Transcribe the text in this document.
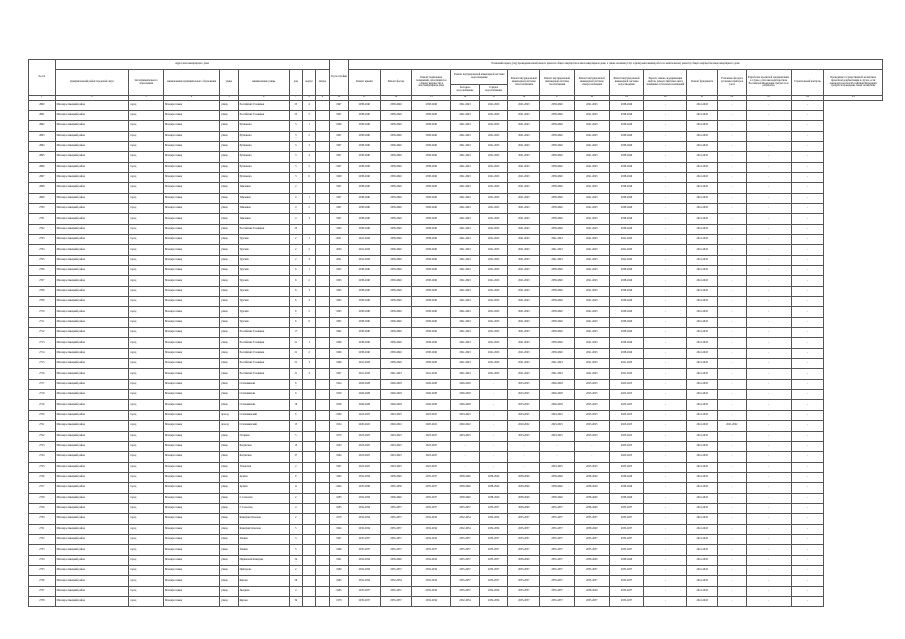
№ п/п	Адрес многоквартирного дома								Год постройки	Плановый период (год) проведения капитального ремонта общего имущества в многоквартирном доме, а также оказания услуг и (или) выполнения работ по капитальному ремонту общего имущества многоквартирного дома														
	муниципальный район/городской округ	тип муниципального образования	наименование муниципального образования	улица	наименование улицы	дом	корпус	литера		Ремонт крыши	Ремонт фасада	Ремонт подвальных помещений, относящихся к общему имуществу в многоквартирном доме	Ремонт внутридомовой инженерной системы водоотведения		Ремонт внутридомовой инженерной системы теплоснабжения	Ремонт внутридомовой инженерной системы газоснабжения	Ремонт внутридомовой инженерной системы электроснабжения	Ремонт внутридомовой инженерной системы водоотведения	Ремонт, замена, модернизация лифтов, ремонт лифтовых шахт, машинных и блочных помещений	Ремонт фундамента	Утепление фасада и установка приборов учета	Разработка проектной документации, в случае, если законодательством Российской Федерации требуется ее разработка	Строительный контроль	Проведение государственной экспертизы проектной документации в случае, если законодательством Российской Федерации требуется проведение такой экспертизы
													Холодное водоснабжение	Горячее водоснабжение										
1	2	3	4	5	6	7	8	9	10	11	12	13	14	15	16	17	18	19	20	21	22	23	24	25
2690	Малоярославецкий район	город	Малоярославец	улица	Российских Газовиков	25	4		1997	2038-2040	2038-2040	2038-2040	2041-2043	2041-2043	2041-2043	2038-2040	2041-2043	2038-2040	-	2041-2043	-	-	-	
2691	Малоярославецкий район	город	Малоярославец	улица	Российских Газовиков	25	5		1997	2038-2040	2038-2040	2038-2040	2041-2043	2041-2043	2041-2043	2038-2040	2041-2043	2038-2040	-	2041-2043	-	-	-	
2692	Малоярославецкий район	город	Малоярославец	улица	Рухманова	3	1		1996	2038-2040	2038-2040	2038-2040	2041-2043	2041-2043	2041-2043	2038-2040	2041-2043	2038-2040	-	2041-2043	-	-	-	
2693	Малоярославецкий район	город	Малоярославец	улица	Рухманова	3	2		1997	2038-2040	2038-2040	2038-2040	2041-2043	2041-2043	2041-2043	2038-2040	2041-2043	2038-2040	-	2041-2043	-	-	-	
2694	Малоярославецкий район	город	Малоярославец	улица	Рухманова	3	3		1997	2038-2040	2038-2040	2038-2040	2041-2043	2041-2043	2041-2043	2038-2040	2041-2043	2038-2040	-	2041-2043	-	-	-	
2695	Малоярославецкий район	город	Малоярославец	улица	Рухманова	3	4		1997	2038-2040	2038-2040	2038-2040	2041-2043	2041-2043	2041-2043	2038-2040	2041-2043	2038-2040	-	2041-2043	-	-	-	
2696	Малоярославецкий район	город	Малоярославец	улица	Рухманова	3	5		1997	2038-2040	2038-2040	2038-2040	2041-2043	2041-2043	2041-2043	2038-2040	2041-2043	2038-2040	-	2041-2043	-	-	-	
2697	Малоярославецкий район	город	Малоярославец	улица	Рухманова	3	6		1998	2038-2040	2038-2040	2038-2040	2041-2043	2041-2043	2041-2043	2038-2040	2041-2043	2038-2040	-	2041-2043	-	-	-	
2698	Малоярославецкий район	город	Малоярославец	улица	Тимонина	2			1997	2038-2040	2038-2040	2038-2040	2041-2043	2041-2043	2041-2043	2038-2040	2041-2043	2038-2040	-	2041-2043	-	-	-	
2699	Малоярославецкий район	город	Малоярославец	улица	Тимонина	4	1		1997	2038-2040	2038-2040	2038-2040	2041-2043	2041-2043	2041-2043	2038-2040	2041-2043	2038-2040	-	2041-2043	-	-	-	
2700	Малоярославецкий район	город	Малоярославец	улица	Тимонина	4	2		1997	2038-2040	2038-2040	2038-2040	2041-2043	2041-2043	2041-2043	2038-2040	2041-2043	2038-2040	-	2041-2043	-	-	-	
2701	Малоярославецкий район	город	Малоярославец	улица	Тимонина	4	3		1997	2038-2040	2038-2040	2038-2040	2041-2043	2041-2043	2041-2043	2038-2040	2041-2043	2038-2040	-	2041-2043	-	-	-	
2702	Малоярославецкий район	город	Малоярославец	улица	Российских Газовиков	23			1994	2038-2040	2038-2040	2038-2040	2041-2043	2041-2043	2041-2043	2038-2040	2041-2043	2038-2040	-	2041-2043	-	-	-	
2703	Малоярославецкий район	город	Малоярославец	улица	Турских	2	1		2001	2041-2043	2038-2040	2038-2040	2041-2043	2041-2043	2041-2043	2041-2043	2041-2043	2041-2043	-	2041-2043	-	-	-	
2704	Малоярославецкий район	город	Малоярославец	улица	Турских	2	2		2000	2041-2043	2038-2040	2038-2040	2041-2043	2041-2043	2041-2043	2041-2043	2041-2043	2041-2043	-	2041-2043	-	-	-	
2705	Малоярославецкий район	город	Малоярославец	улица	Турских	2	3		2001	2041-2043	2038-2040	2038-2040	2041-2043	2041-2043	2041-2043	2041-2043	2041-2043	2041-2043	-	2041-2043	-	-	-	
2706	Малоярославецкий район	город	Малоярославец	улица	Турских	6	1		1995	2038-2040	2038-2040	2038-2040	2041-2043	2041-2043	2041-2043	2038-2040	2041-2043	2038-2040	-	2041-2043	-	-	-	
2707	Малоярославецкий район	город	Малоярославец	улица	Турских	6	2		1995	2038-2040	2038-2040	2038-2040	2041-2043	2041-2043	2041-2043	2038-2040	2041-2043	2038-2040	-	2041-2043	-	-	-	
2708	Малоярославецкий район	город	Малоярославец	улица	Турских	6	3		1995	2038-2040	2038-2040	2038-2040	2041-2043	2041-2043	2041-2043	2038-2040	2041-2043	2038-2040	-	2041-2043	-	-	-	
2709	Малоярославецкий район	город	Малоярославец	улица	Турских	6	4		1995	2038-2040	2038-2040	2038-2040	2041-2043	2041-2043	2041-2043	2038-2040	2041-2043	2038-2040	-	2041-2043	-	-	-	
2710	Малоярославецкий район	город	Малоярославец	улица	Турских	6	5		1995	2038-2040	2038-2040	2038-2040	2041-2043	2041-2043	2041-2043	2038-2040	2041-2043	2038-2040	-	2041-2043	-	-	-	
2711	Малоярославецкий район	город	Малоярославец	улица	Турских	6	6		1995	2038-2040	2038-2040	2038-2040	2041-2043	2041-2043	2041-2043	2038-2040	2041-2043	2038-2040	-	2041-2043	-	-	-	
2712	Малоярославецкий район	город	Малоярославец	улица	Российских Газовиков	17			1992	2038-2040	2038-2040	2038-2040	2041-2043	2041-2043	2041-2043	2038-2040	2041-2043	2038-2040	-	2041-2043	-	-	-	
2713	Малоярославецкий район	город	Малоярославец	улица	Российских Газовиков	21	1		1996	2038-2040	2038-2040	2038-2040	2041-2043	2041-2043	2041-2043	2038-2040	2041-2043	2038-2040	-	2041-2043	-	-	-	
2714	Малоярославецкий район	город	Малоярославец	улица	Российских Газовиков	21	2		1996	2038-2040	2038-2040	2038-2040	2041-2043	2041-2043	2041-2043	2038-2040	2041-2043	2038-2040	-	2041-2043	-	-	-	
2715	Малоярославецкий район	город	Малоярославец	улица	Российских Газовиков	21	3		1996	2041-2043	2038-2040	2038-2040	2041-2043	2041-2043	2041-2043	2041-2043	2041-2043	2041-2043	-	2041-2043	-	-	-	
2716	Малоярославецкий район	город	Малоярославец	улица	Российских Газовиков	21	4		1997	2041-2043	2041-2043	2041-2043	2041-2043	2041-2043	2041-2043	2041-2043	2041-2043	2041-2043	-	2041-2043	-	-	-	
2717	Малоярославецкий район	город	Малоярославец	улица	Стопаниянова	6			1924	2026-2028	2026-2028	2026-2028	2026-2028	-	2023-2025	2026-2028	2023-2025	2023-2025	-	2041-2043	-	-	-	
2718	Малоярославецкий район	город	Малоярославец	улица	Стопаниянова	9			1959	2026-2028	2026-2028	2026-2028	2026-2028	-	2023-2025	2026-2028	2023-2025	2023-2025	-	2041-2043	-	-	-	
2719	Малоярославецкий район	город	Малоярославец	улица	Стопаниянова	19			1956	2026-2028	2026-2028	2026-2028	2026-2028	-	2023-2025	2026-2028	2023-2025	2023-2025	-	2041-2043	-	-	-	
2720	Малоярославецкий район	город	Малоярославец	проезд	Стопаниянский	6			1960	2023-2025	2023-2025	2023-2025	2023-2025	-	2023-2025	2023-2025	2023-2025	2023-2025	-	2041-2043	-	-	-	
2721	Малоярославецкий район	город	Малоярославец	проезд	Стопаниянский	15			1954	2020-2022	2020-2022	2020-2022	2020-2022	-	2020-2022	2023-2025	2023-2025	2023-2025	-	2041-2043	2021-2022	-	-	
2722	Малоярославецкий район	город	Малоярославец	улица	Гагарина	5			1970	2023-2025	2023-2025	2023-2025	2023-2025	-	2023-2025	2023-2025	2023-2025	2023-2025	-	2041-2043	-	-	-	
2723	Малоярославецкий район	город	Малоярославец	улица	Калужская	13			1963	2023-2025	2023-2025	2023-2025	-	-	-	-	-	2023-2025	-	2041-2043	-	-	-	
2724	Малоярославецкий район	город	Малоярославец	улица	Калужская	37			1964	2023-2025	2023-2025	2023-2025	-	-	-	-	-	2023-2025	-	2041-2043	-	-	-	
2725	Малоярославецкий район	город	Малоярославец	улица	Успенская	2			1967	2023-2025	2023-2025	2023-2025	-	-	-	2023-2025	2023-2025	2023-2025	-	2041-2043	-	-	-	
2726	Малоярославецкий район	город	Малоярославец	улица	Аузина	9			1994	2032-2034	2038-2040	2035-2037	2038-2040	2038-2040	2038-2040	2038-2040	2038-2040	2038-2040	-	2041-2043	-	-	-	
2727	Малоярославецкий район	город	Малоярославец	улица	Аузина	11			1994	2035-2036	2035-2036	2035-2037	2038-2040	2038-2040	2038-2040	2038-2040	2038-2040	2038-2040	-	2041-2043	-	-	-	
2728	Малоярославецкий район	город	Малоярославец	улица	Г. Соколова	2			1985	2032-2034	2038-2040	2035-2037	2038-2040	2038-2040	2038-2040	2038-2040	2038-2040	2038-2040	-	2041-2043	-	-	-	
2729	Малоярославецкий район	город	Малоярославец	улица	Г. Соколова	4			1985	2032-2034	2035-2037	2035-2037	2035-2037	2035-2037	2038-2040	2035-2037	2038-2040	2035-2037	-	2041-2043	-	-	-	
2730	Малоярославецкий район	город	Малоярославец	улица	Коммунистическая	2			1978	2032-2034	2035-2037	2032-2034	2032-2034	2032-2034	2035-2037	2035-2037	2035-2037	2035-2037	-	2041-2043	-	-	-	
2731	Малоярославецкий район	город	Малоярославец	улица	Коммунистическая	5			1994	2032-2034	2035-2037	2032-2034	2032-2034	2032-2034	2035-2037	2035-2037	2038-2040	2035-2037	-	2041-2043	-	-	-	
2732	Малоярославецкий район	город	Малоярославец	улица	Ленина	3			1967	2035-2037	2035-2037	2032-2034	2035-2037	2035-2037	2035-2037	2035-2037	2035-2037	2035-2037	-	2041-2043	-	-	-	
2733	Малоярославецкий район	город	Малоярославец	улица	Ленина	5			1968	2035-2037	2035-2037	2035-2037	2035-2037	2035-2037	2035-2037	2035-2037	2035-2037	2035-2037	-	2041-2043	-	-	-	
2734	Малоярославецкий район	город	Малоярославец	улица	Парижской Коммуны	54			1991	2032-2034	2038-2040	2032-2034	2035-2037	2035-2037	2038-2040	2035-2037	2038-2040	2038-2040	-	2041-2043	-	-	-	
2735	Малоярославецкий район	город	Малоярославец	улица	Пригарова	2			1980	2032-2034	2035-2037	2032-2034	2035-2037	2035-2037	2035-2037	2035-2037	2035-2037	2035-2037	-	2041-2043	-	-	-	
2736	Малоярославецкий район	город	Малоярославец	улица	Кирова	26			1965	2032-2034	2032-2034	2032-2034	2035-2037	2035-2037	2035-2037	2035-2037	2035-2037	2035-2037	-	2041-2043	-	-	-	
2737	Малоярославецкий район	город	Малоярославец	улица	Звездная	4			1985	2035-2037	2035-2037	2032-2034	2035-2037	2032-2034	2035-2037	2035-2037	2038-2040	2035-2037	-	2041-2043	-	-	-	
2738	Малоярославецкий район	город	Малоярославец	улица	Кирова	34			1978	2035-2037	2035-2037	2032-2034	2032-2034	2032-2034	2035-2037	2035-2037	2035-2037	2035-2037	-	2041-2043	-	-	-	
